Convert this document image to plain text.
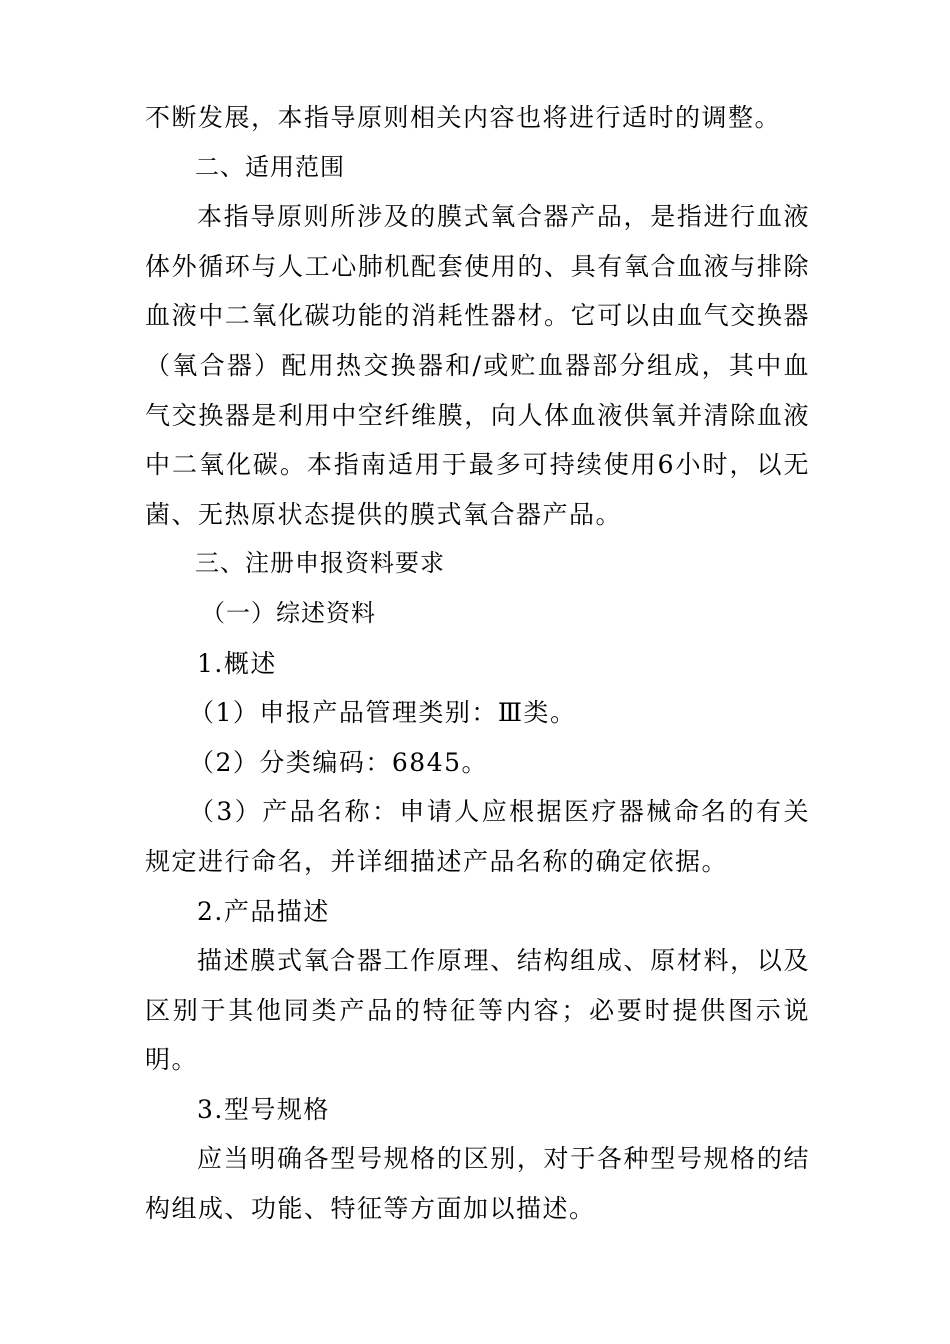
不断发展，本指导原则相关内容也将进行适时的调整。

二、适用范围

本指导原则所涉及的膜式氧合器产品，是指进行血液体外循环与人工心肺机配套使用的、具有氧合血液与排除血液中二氧化碳功能的消耗性器材。它可以由血气交换器（氧合器）配用热交换器和/或贮血器部分组成，其中血气交换器是利用中空纤维膜，向人体血液供氧并清除血液中二氧化碳。本指南适用于最多可持续使用6小时，以无菌、无热原状态提供的膜式氧合器产品。

三、注册申报资料要求

（一）综述资料

1.概述

（1）申报产品管理类别：Ⅲ类。

（2）分类编码：6845。

（3）产品名称：申请人应根据医疗器械命名的有关规定进行命名，并详细描述产品名称的确定依据。

2.产品描述

描述膜式氧合器工作原理、结构组成、原材料，以及区别于其他同类产品的特征等内容；必要时提供图示说明。

3.型号规格

应当明确各型号规格的区别，对于各种型号规格的结构组成、功能、特征等方面加以描述。
